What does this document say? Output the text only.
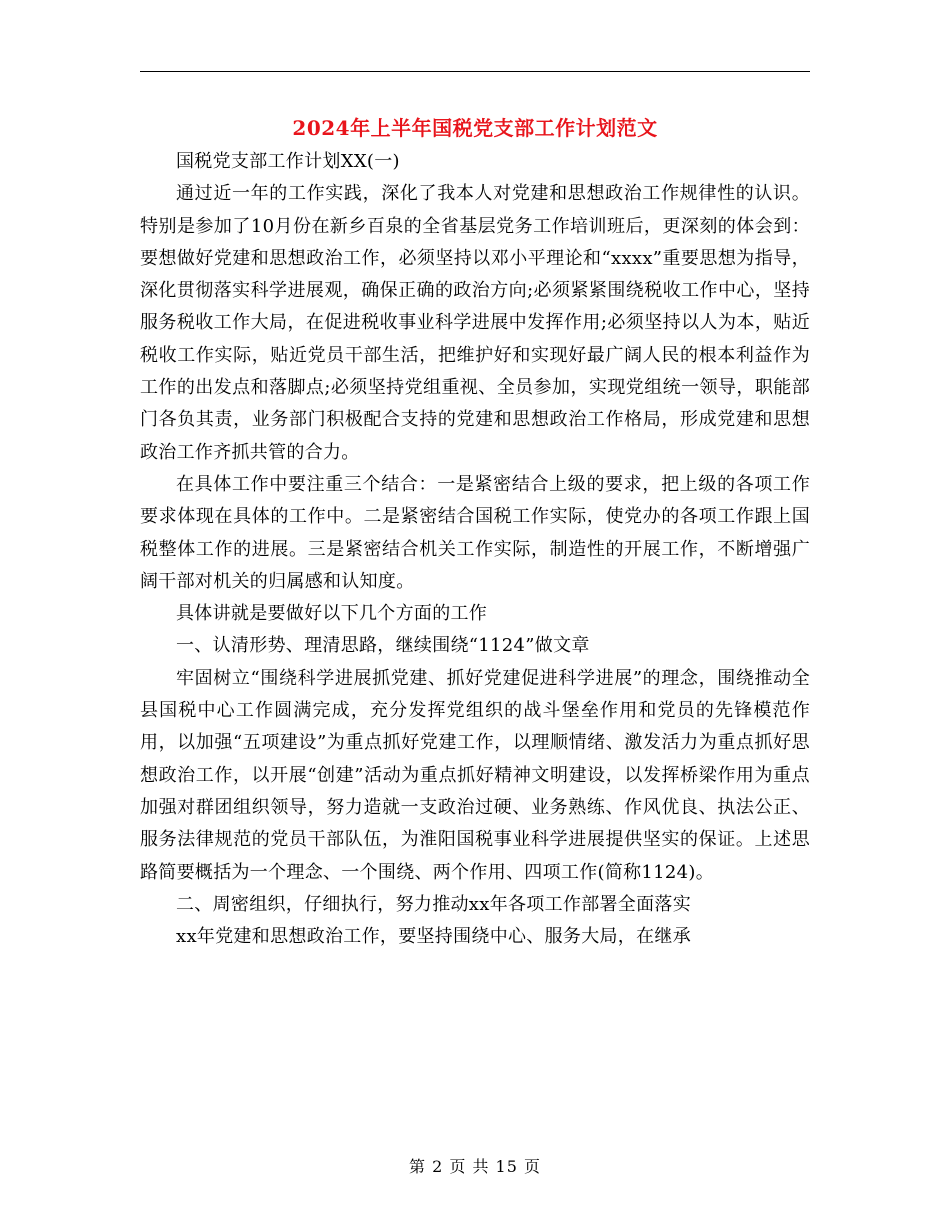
2024年上半年国税党支部工作计划范文

国税党支部工作计划XX(一)

通过近一年的工作实践，深化了我本人对党建和思想政治工作规律性的认识。特别是参加了10月份在新乡百泉的全省基层党务工作培训班后，更深刻的体会到：要想做好党建和思想政治工作，必须坚持以邓小平理论和“xxxx”重要思想为指导，深化贯彻落实科学进展观，确保正确的政治方向;必须紧紧围绕税收工作中心，坚持服务税收工作大局，在促进税收事业科学进展中发挥作用;必须坚持以人为本，贴近税收工作实际，贴近党员干部生活，把维护好和实现好最广阔人民的根本利益作为工作的出发点和落脚点;必须坚持党组重视、全员参加，实现党组统一领导，职能部门各负其责，业务部门积极配合支持的党建和思想政治工作格局，形成党建和思想政治工作齐抓共管的合力。

在具体工作中要注重三个结合：一是紧密结合上级的要求，把上级的各项工作要求体现在具体的工作中。二是紧密结合国税工作实际，使党办的各项工作跟上国税整体工作的进展。三是紧密结合机关工作实际，制造性的开展工作，不断增强广阔干部对机关的归属感和认知度。

具体讲就是要做好以下几个方面的工作

一、认清形势、理清思路，继续围绕“1124”做文章

牢固树立“围绕科学进展抓党建、抓好党建促进科学进展”的理念，围绕推动全县国税中心工作圆满完成，充分发挥党组织的战斗堡垒作用和党员的先锋模范作用，以加强“五项建设”为重点抓好党建工作，以理顺情绪、激发活力为重点抓好思想政治工作，以开展“创建”活动为重点抓好精神文明建设，以发挥桥梁作用为重点加强对群团组织领导，努力造就一支政治过硬、业务熟练、作风优良、执法公正、服务法律规范的党员干部队伍，为淮阳国税事业科学进展提供坚实的保证。上述思路简要概括为一个理念、一个围绕、两个作用、四项工作(简称1124)。

二、周密组织，仔细执行，努力推动xx年各项工作部署全面落实

xx年党建和思想政治工作，要坚持围绕中心、服务大局，在继承

第 2 页 共 15 页
